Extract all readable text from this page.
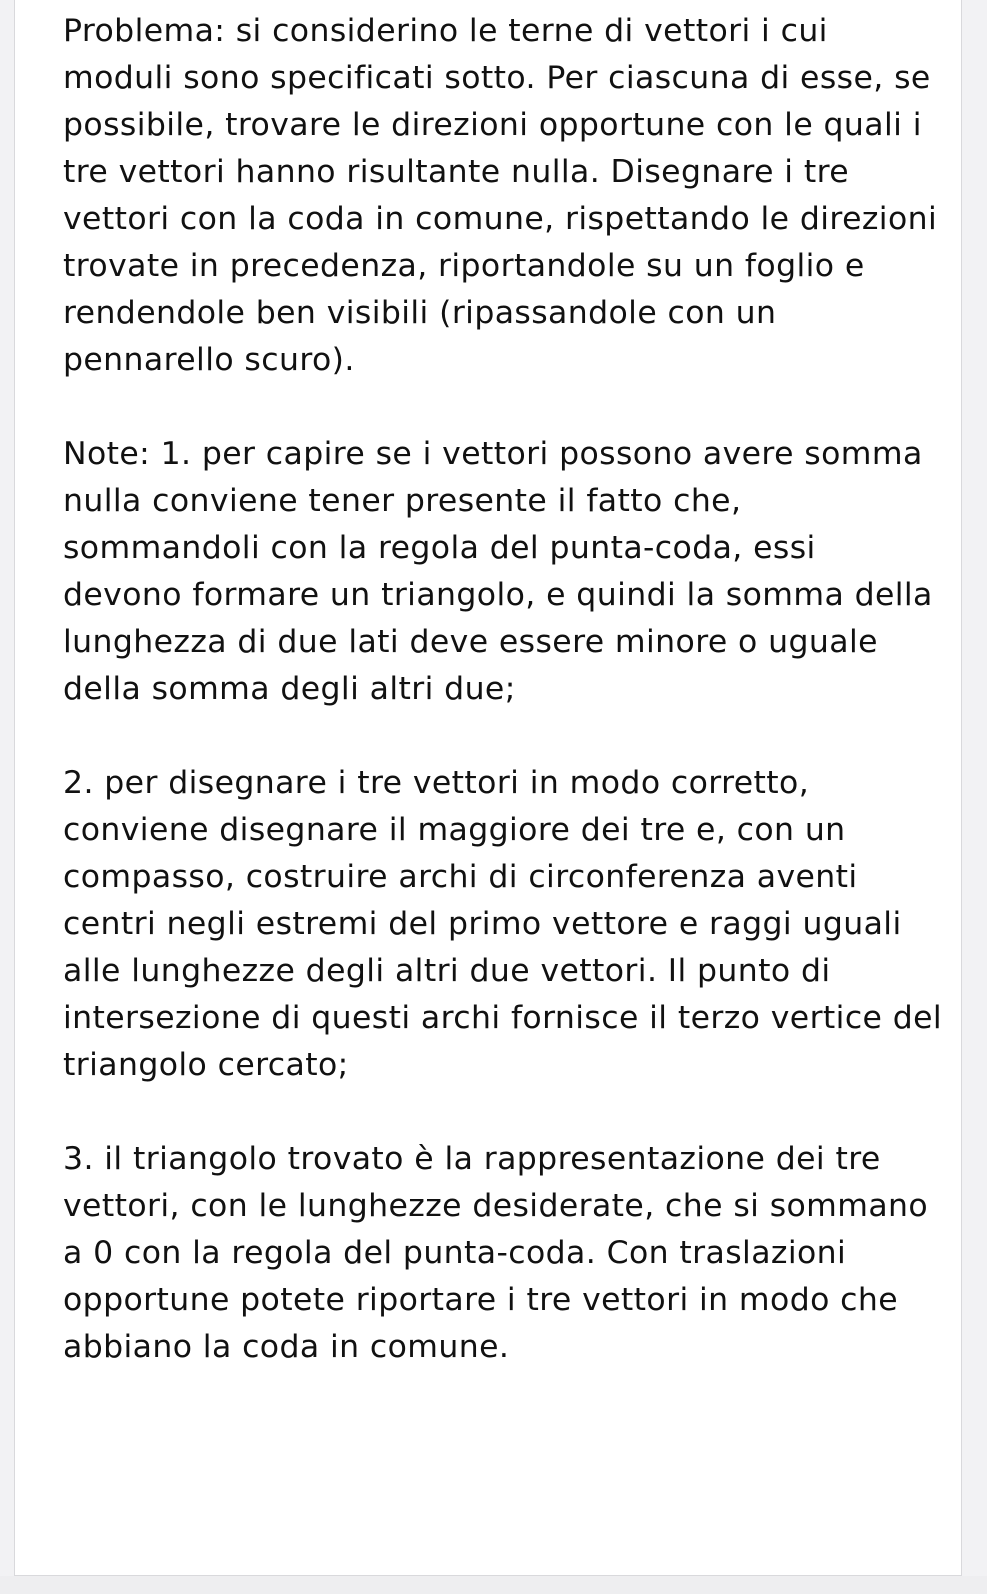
Problema: si considerino le terne di vettori i cui moduli sono specificati sotto. Per ciascuna di esse, se possibile, trovare le direzioni opportune con le quali i tre vettori hanno risultante nulla. Disegnare i tre vettori con la coda in comune, rispettando le direzioni trovate in precedenza, riportandole su un foglio e rendendole ben visibili (ripassandole con un pennarello scuro).

Note: 1. per capire se i vettori possono avere somma nulla conviene tener presente il fatto che, sommandoli con la regola del punta-coda, essi devono formare un triangolo, e quindi la somma della lunghezza di due lati deve essere minore o uguale della somma degli altri due;

2. per disegnare i tre vettori in modo corretto, conviene disegnare il maggiore dei tre e, con un compasso, costruire archi di circonferenza aventi centri negli estremi del primo vettore e raggi uguali alle lunghezze degli altri due vettori. Il punto di intersezione di questi archi fornisce il terzo vertice del triangolo cercato;

3. il triangolo trovato è la rappresentazione dei tre vettori, con le lunghezze desiderate, che si sommano a 0 con la regola del punta-coda. Con traslazioni opportune potete riportare i tre vettori in modo che abbiano la coda in comune.
